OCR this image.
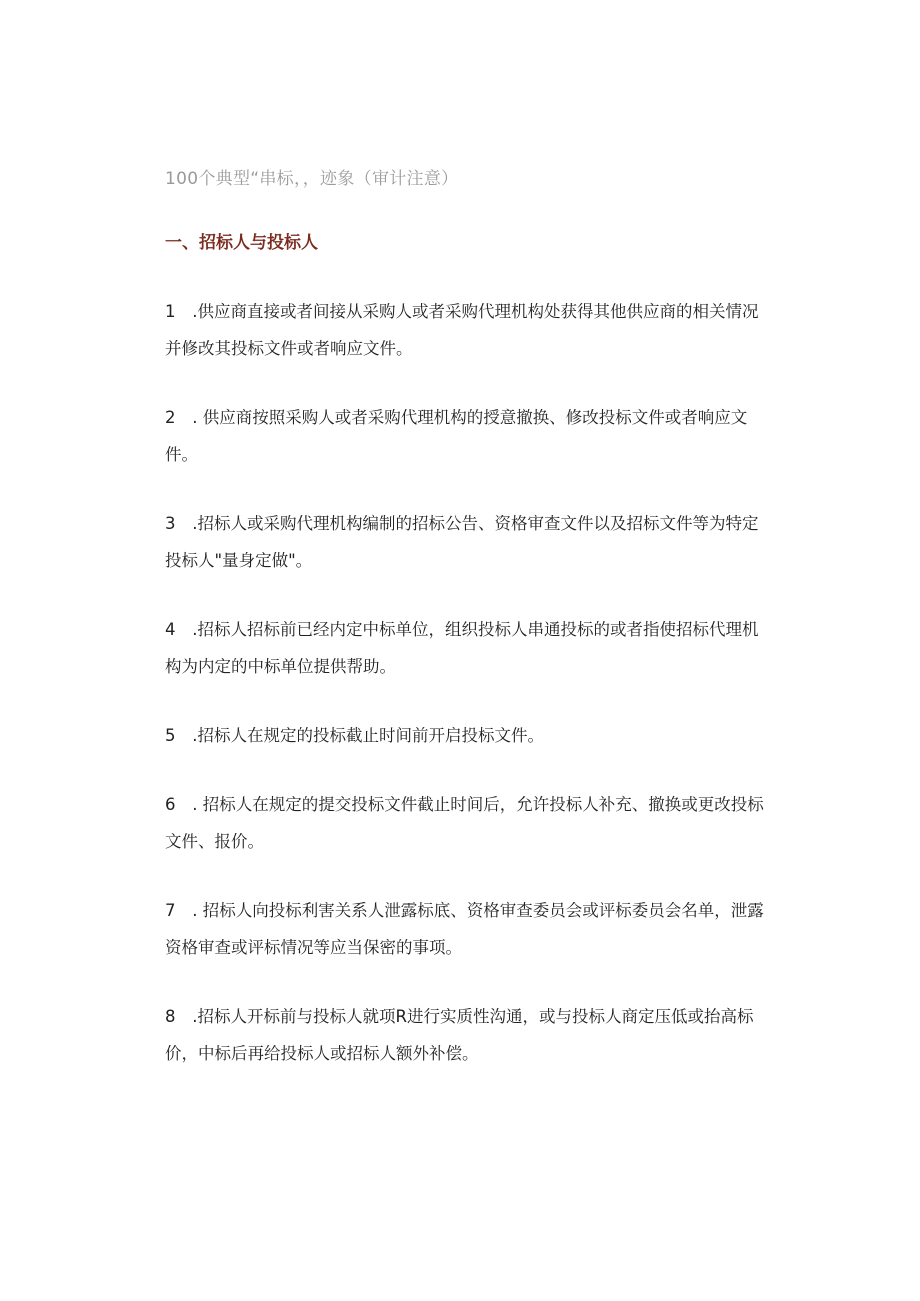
100个典型“串标，，迹象（审计注意）

一、招标人与投标人
1 .供应商直接或者间接从采购人或者采购代理机构处获得其他供应商的相关情况并修改其投标文件或者响应文件。
2 . 供应商按照采购人或者采购代理机构的授意撤换、修改投标文件或者响应文件。
3 .招标人或采购代理机构编制的招标公告、资格审查文件以及招标文件等为特定投标人"量身定做"。
4 .招标人招标前已经内定中标单位，组织投标人串通投标的或者指使招标代理机构为内定的中标单位提供帮助。
5 .招标人在规定的投标截止时间前开启投标文件。
6 . 招标人在规定的提交投标文件截止时间后，允许投标人补充、撤换或更改投标文件、报价。
7 . 招标人向投标利害关系人泄露标底、资格审查委员会或评标委员会名单，泄露资格审查或评标情况等应当保密的事项。
8 .招标人开标前与投标人就项R进行实质性沟通，或与投标人商定压低或抬高标价，中标后再给投标人或招标人额外补偿。
